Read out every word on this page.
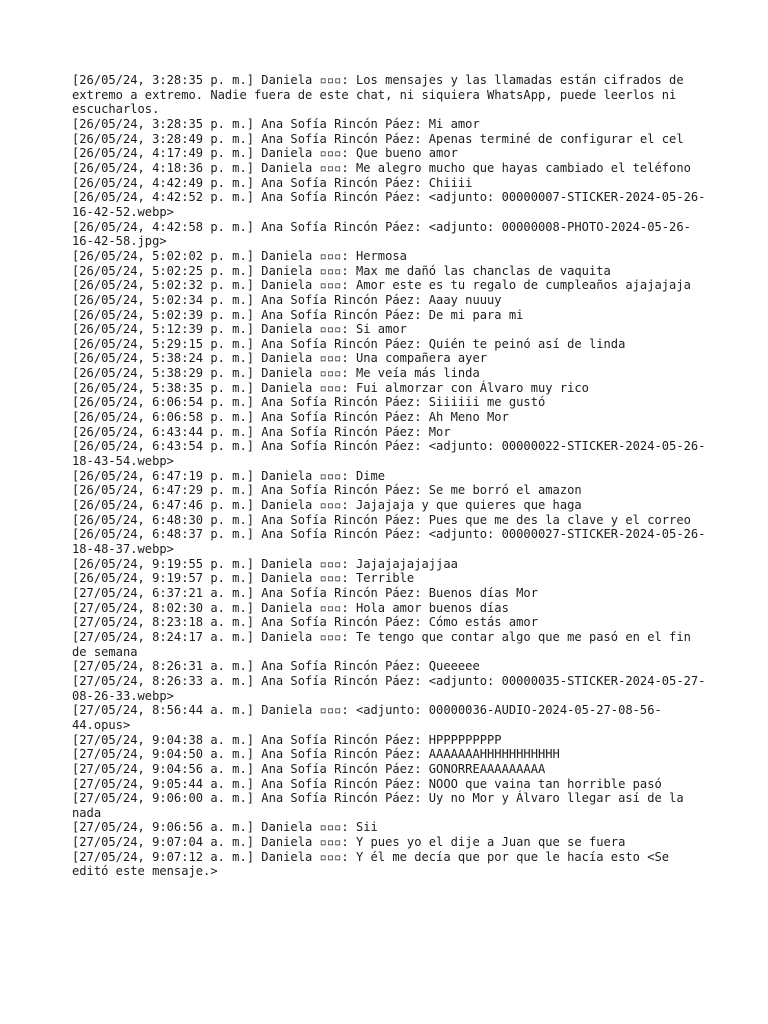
[26/05/24, 3:28:35 p. m.] Daniela ▫▫▫: Los mensajes y las llamadas están cifrados de extremo a extremo. Nadie fuera de este chat, ni siquiera WhatsApp, puede leerlos ni escucharlos.
[26/05/24, 3:28:35 p. m.] Ana Sofía Rincón Páez: Mi amor
[26/05/24, 3:28:49 p. m.] Ana Sofía Rincón Páez: Apenas terminé de configurar el cel
[26/05/24, 4:17:49 p. m.] Daniela ▫▫▫: Que bueno amor
[26/05/24, 4:18:36 p. m.] Daniela ▫▫▫: Me alegro mucho que hayas cambiado el teléfono
[26/05/24, 4:42:49 p. m.] Ana Sofía Rincón Páez: Chiiii
[26/05/24, 4:42:52 p. m.] Ana Sofía Rincón Páez: <adjunto: 00000007-STICKER-2024-05-26-16-42-52.webp>
[26/05/24, 4:42:58 p. m.] Ana Sofía Rincón Páez: <adjunto: 00000008-PHOTO-2024-05-26-16-42-58.jpg>
[26/05/24, 5:02:02 p. m.] Daniela ▫▫▫: Hermosa
[26/05/24, 5:02:25 p. m.] Daniela ▫▫▫: Max me dañó las chanclas de vaquita
[26/05/24, 5:02:32 p. m.] Daniela ▫▫▫: Amor este es tu regalo de cumpleaños ajajajaja
[26/05/24, 5:02:34 p. m.] Ana Sofía Rincón Páez: Aaay nuuuy
[26/05/24, 5:02:39 p. m.] Ana Sofía Rincón Páez: De mi para mi
[26/05/24, 5:12:39 p. m.] Daniela ▫▫▫: Si amor
[26/05/24, 5:29:15 p. m.] Ana Sofía Rincón Páez: Quién te peinó así de linda
[26/05/24, 5:38:24 p. m.] Daniela ▫▫▫: Una compañera ayer
[26/05/24, 5:38:29 p. m.] Daniela ▫▫▫: Me veía más linda
[26/05/24, 5:38:35 p. m.] Daniela ▫▫▫: Fui almorzar con Álvaro muy rico
[26/05/24, 6:06:54 p. m.] Ana Sofía Rincón Páez: Siiiiii me gustó
[26/05/24, 6:06:58 p. m.] Ana Sofía Rincón Páez: Ah Meno Mor
[26/05/24, 6:43:44 p. m.] Ana Sofía Rincón Páez: Mor
[26/05/24, 6:43:54 p. m.] Ana Sofía Rincón Páez: <adjunto: 00000022-STICKER-2024-05-26-18-43-54.webp>
[26/05/24, 6:47:19 p. m.] Daniela ▫▫▫: Dime
[26/05/24, 6:47:29 p. m.] Ana Sofía Rincón Páez: Se me borró el amazon
[26/05/24, 6:47:46 p. m.] Daniela ▫▫▫: Jajajaja y que quieres que haga
[26/05/24, 6:48:30 p. m.] Ana Sofía Rincón Páez: Pues que me des la clave y el correo
[26/05/24, 6:48:37 p. m.] Ana Sofía Rincón Páez: <adjunto: 00000027-STICKER-2024-05-26-18-48-37.webp>
[26/05/24, 9:19:55 p. m.] Daniela ▫▫▫: Jajajajajajjaa
[26/05/24, 9:19:57 p. m.] Daniela ▫▫▫: Terrible
[27/05/24, 6:37:21 a. m.] Ana Sofía Rincón Páez: Buenos días Mor
[27/05/24, 8:02:30 a. m.] Daniela ▫▫▫: Hola amor buenos días
[27/05/24, 8:23:18 a. m.] Ana Sofía Rincón Páez: Cómo estás amor
[27/05/24, 8:24:17 a. m.] Daniela ▫▫▫: Te tengo que contar algo que me pasó en el fin de semana
[27/05/24, 8:26:31 a. m.] Ana Sofía Rincón Páez: Queeeee
[27/05/24, 8:26:33 a. m.] Ana Sofía Rincón Páez: <adjunto: 00000035-STICKER-2024-05-27-08-26-33.webp>
[27/05/24, 8:56:44 a. m.] Daniela ▫▫▫: <adjunto: 00000036-AUDIO-2024-05-27-08-56-44.opus>
[27/05/24, 9:04:38 a. m.] Ana Sofía Rincón Páez: HPPPPPPPPP
[27/05/24, 9:04:50 a. m.] Ana Sofía Rincón Páez: AAAAAAAHHHHHHHHHHH
[27/05/24, 9:04:56 a. m.] Ana Sofía Rincón Páez: GONORREAAAAAAAAA
[27/05/24, 9:05:44 a. m.] Ana Sofía Rincón Páez: NOOO que vaina tan horrible pasó
[27/05/24, 9:06:00 a. m.] Ana Sofía Rincón Páez: Uy no Mor y Álvaro llegar así de la nada
[27/05/24, 9:06:56 a. m.] Daniela ▫▫▫: Sii
[27/05/24, 9:07:04 a. m.] Daniela ▫▫▫: Y pues yo el dije a Juan que se fuera
[27/05/24, 9:07:12 a. m.] Daniela ▫▫▫: Y él me decía que por que le hacía esto <Se editó este mensaje.>
